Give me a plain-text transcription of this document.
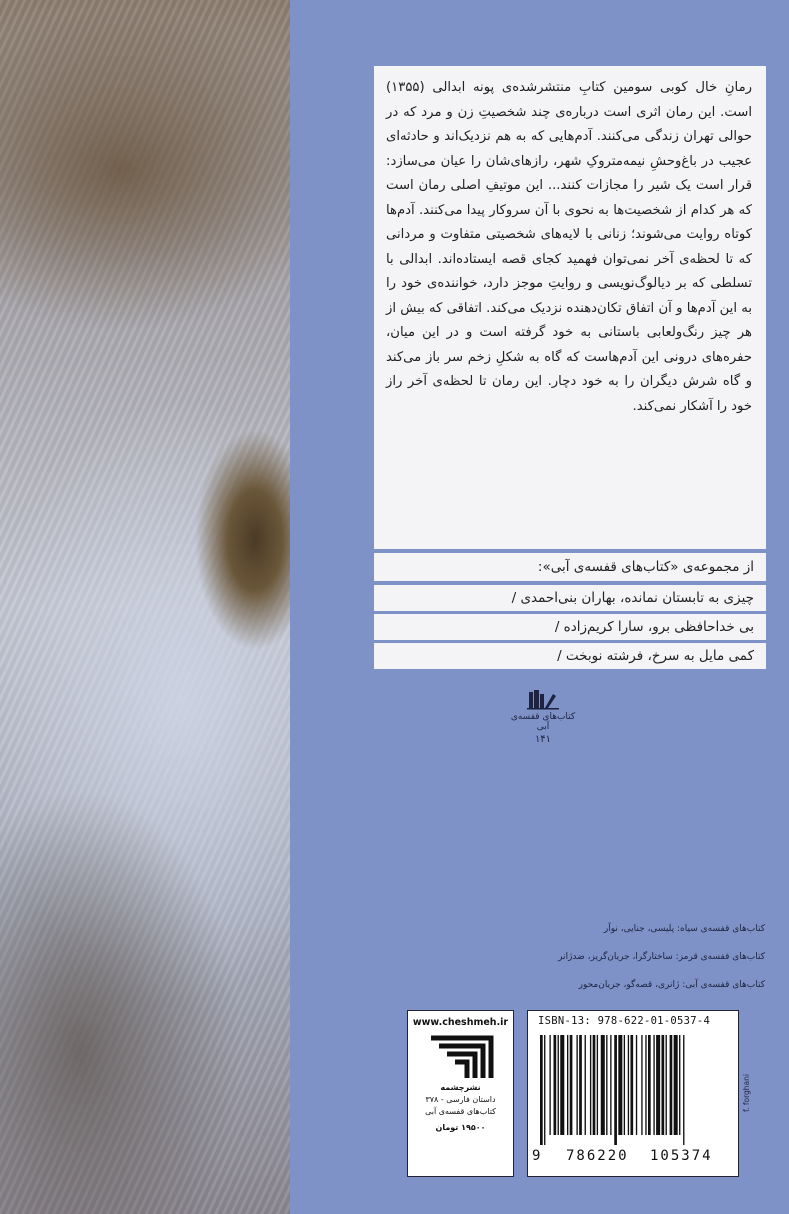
رمانِ خال کوبی سومین کتابِ منتشرشده‌ی پونه ابدالی (۱۳۵۵) است. این رمان اثری است درباره‌ی چند شخصیتِ زن و مرد که در حوالی تهران زندگی می‌کنند. آدم‌هایی که به هم نزدیک‌اند و حادثه‌ای عجیب در باغ‌وحشِ نیمه‌متروکِ شهر، رازهای‌شان را عیان می‌سازد: قرار است یک شیر را مجازات کنند... این موتیفِ اصلی رمان است که هر کدام از شخصیت‌ها به نحوی با آن سروکار پیدا می‌کنند. آدم‌ها کوتاه روایت می‌شوند؛ زنانی با لایه‌های شخصیتی متفاوت و مردانی که تا لحظه‌ی آخر نمی‌توان فهمید کجای قصه ایستاده‌اند. ابدالی با تسلطی که بر دیالوگ‌نویسی و روایتِ موجز دارد، خواننده‌ی خود را به این آدم‌ها و آن اتفاق تکان‌دهنده نزدیک می‌کند. اتفاقی که بیش از هر چیز رنگ‌ولعابی باستانی به خود گرفته است و در این میان، حفره‌های درونی این آدم‌هاست که گاه به شکلِ زخم سر باز می‌کند و گاه شرش دیگران را به خود دچار. این رمان تا لحظه‌ی آخر راز خود را آشکار نمی‌کند.

از مجموعه‌ی «کتاب‌های قفسه‌ی آبی»:
چیزی به تابستان نمانده، بهاران بنی‌احمدی /
بی خداحافظی برو، سارا کریم‌زاده /
کمی مایل به سرخ، فرشته نوبخت /
کتاب‌های قفسه‌ی آبی
۱۴۱
کتاب‌های قفسه‌ی سیاه: پلیسی، جنایی، نوآر
کتاب‌های قفسه‌ی قرمز: ساختارگرا، جریان‌گریز، ضدژانر
کتاب‌های قفسه‌ی آبی: ژانری، قصه‌گو، جریان‌محور
www.cheshmeh.ir
نشرچشمه
داستان فارسی - ۳۷۸
کتاب‌های قفسه‌ی آبی
۱۹۵۰۰ تومان
ISBN-13: 978-622-01-0537-4
9 786220 105374
f. forghani
